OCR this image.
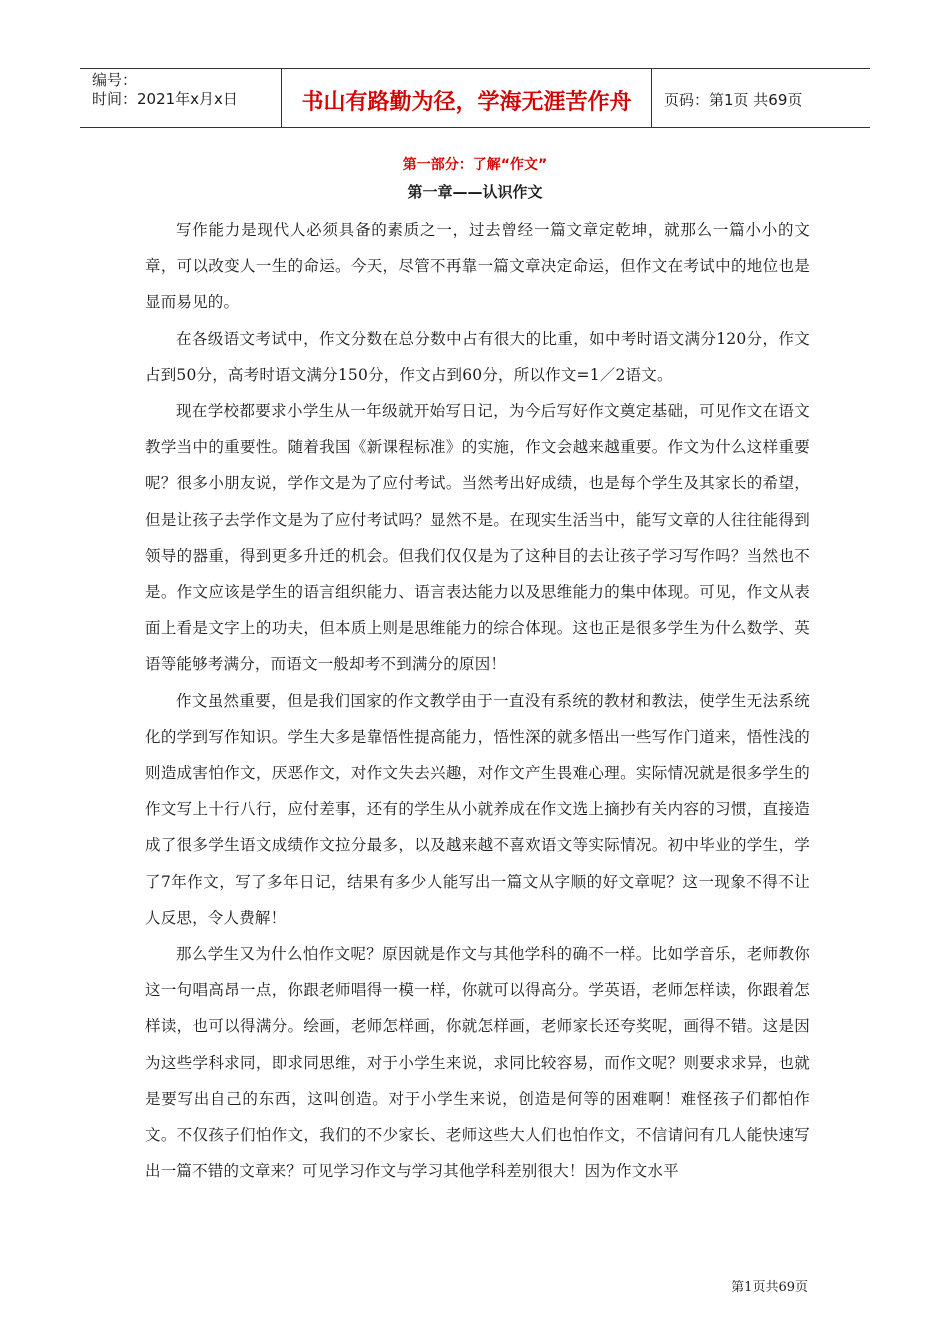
编号：
时间：2021年x月x日	书山有路勤为径，学海无涯苦作舟	页码：第1页 共69页
第一部分：了解“作文”
第一章——认识作文

写作能力是现代人必须具备的素质之一，过去曾经一篇文章定乾坤，就那么一篇小小的文章，可以改变人一生的命运。今天，尽管不再靠一篇文章决定命运，但作文在考试中的地位也是显而易见的。

在各级语文考试中，作文分数在总分数中占有很大的比重，如中考时语文满分120分，作文占到50分，高考时语文满分150分，作文占到60分，所以作文=1／2语文。

现在学校都要求小学生从一年级就开始写日记，为今后写好作文奠定基础，可见作文在语文教学当中的重要性。随着我国《新课程标准》的实施，作文会越来越重要。作文为什么这样重要呢？很多小朋友说，学作文是为了应付考试。当然考出好成绩，也是每个学生及其家长的希望，但是让孩子去学作文是为了应付考试吗？显然不是。在现实生活当中，能写文章的人往往能得到领导的器重，得到更多升迁的机会。但我们仅仅是为了这种目的去让孩子学习写作吗？当然也不是。作文应该是学生的语言组织能力、语言表达能力以及思维能力的集中体现。可见，作文从表面上看是文字上的功夫，但本质上则是思维能力的综合体现。这也正是很多学生为什么数学、英语等能够考满分，而语文一般却考不到满分的原因！

作文虽然重要，但是我们国家的作文教学由于一直没有系统的教材和教法，使学生无法系统化的学到写作知识。学生大多是靠悟性提高能力，悟性深的就多悟出一些写作门道来，悟性浅的则造成害怕作文，厌恶作文，对作文失去兴趣，对作文产生畏难心理。实际情况就是很多学生的作文写上十行八行，应付差事，还有的学生从小就养成在作文选上摘抄有关内容的习惯，直接造成了很多学生语文成绩作文拉分最多，以及越来越不喜欢语文等实际情况。初中毕业的学生，学了7年作文，写了多年日记，结果有多少人能写出一篇文从字顺的好文章呢？这一现象不得不让人反思，令人费解！

那么学生又为什么怕作文呢？原因就是作文与其他学科的确不一样。比如学音乐，老师教你这一句唱高昂一点，你跟老师唱得一模一样，你就可以得高分。学英语，老师怎样读，你跟着怎样读，也可以得满分。绘画，老师怎样画，你就怎样画，老师家长还夸奖呢，画得不错。这是因为这些学科求同，即求同思维，对于小学生来说，求同比较容易，而作文呢？则要求求异，也就是要写出自己的东西，这叫创造。对于小学生来说，创造是何等的困难啊！难怪孩子们都怕作文。不仅孩子们怕作文，我们的不少家长、老师这些大人们也怕作文，不信请问有几人能快速写出一篇不错的文章来？可见学习作文与学习其他学科差别很大！因为作文水平

第1页共69页
